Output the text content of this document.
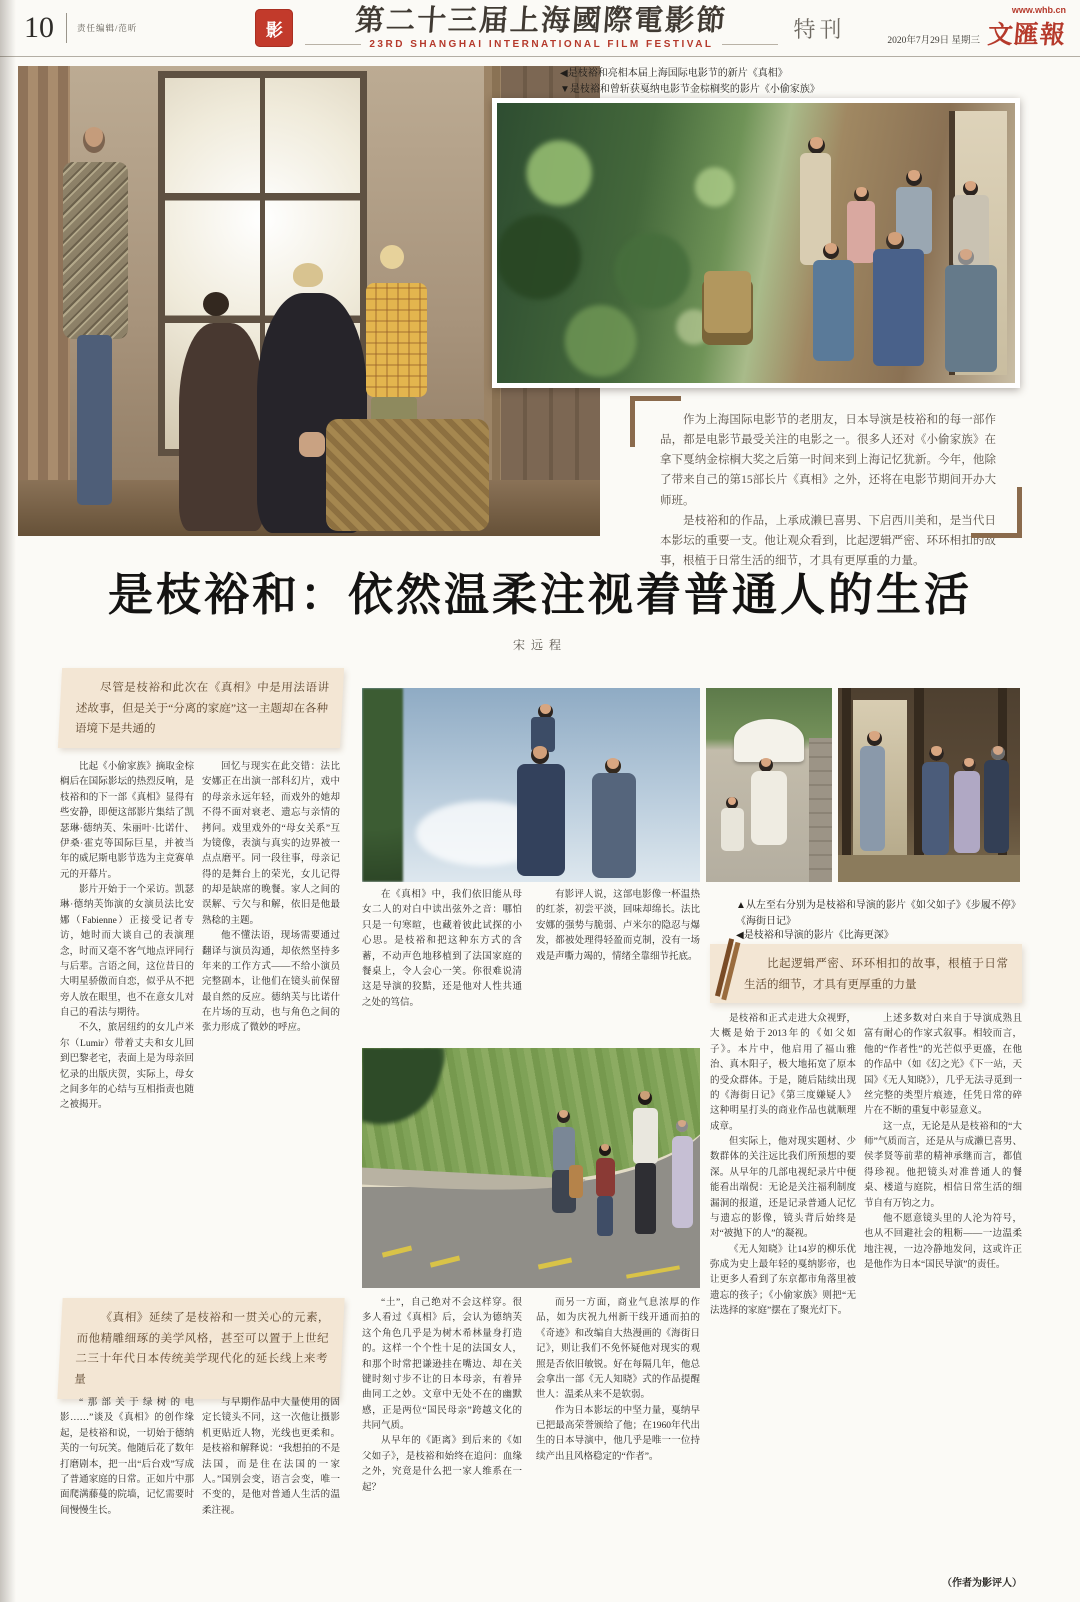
10	责任编辑/范昕	影	第二十三届上海國際電影節
23RD SHANGHAI INTERNATIONAL FILM FESTIVAL
特刊
www.whb.cn
2020年7月29日 星期三 文匯報
◀是枝裕和亮相本届上海国际电影节的新片《真相》
▼是枝裕和曾斩获戛纳电影节金棕榈奖的影片《小偷家族》

作为上海国际电影节的老朋友，日本导演是枝裕和的每一部作品，都是电影节最受关注的电影之一。很多人还对《小偷家族》在拿下戛纳金棕榈大奖之后第一时间来到上海记忆犹新。今年，他除了带来自己的第15部长片《真相》之外，还将在电影节期间开办大师班。

是枝裕和的作品，上承成濑巳喜男、下启西川美和，是当代日本影坛的重要一支。他让观众看到，比起逻辑严密、环环相扣的故事，根植于日常生活的细节，才具有更厚重的力量。

是枝裕和：依然温柔注视着普通人的生活
宋远程

尽管是枝裕和此次在《真相》中是用法语讲述故事，但是关于“分离的家庭”这一主题却在各种语境下是共通的

比起《小偷家族》摘取金棕榈后在国际影坛的热烈反响，是枝裕和的下一部《真相》显得有些安静，即便这部影片集结了凯瑟琳·德纳芙、朱丽叶·比诺什、伊桑·霍克等国际巨星，并被当年的威尼斯电影节选为主竞赛单元的开幕片。

影片开始于一个采访。凯瑟琳·德纳芙饰演的女演员法比安娜（Fabienne）正接受记者专访，她时而大谈自己的表演理念，时而又毫不客气地点评同行与后辈。言语之间，这位昔日的大明星骄傲而自恋，似乎从不把旁人放在眼里，也不在意女儿对自己的看法与期待。

不久，旅居纽约的女儿卢米尔（Lumir）带着丈夫和女儿回到巴黎老宅，表面上是为母亲回忆录的出版庆贺，实际上，母女之间多年的心结与互相指责也随之被揭开。

回忆与现实在此交错：法比安娜正在出演一部科幻片，戏中的母亲永远年轻，而戏外的她却不得不面对衰老、遗忘与亲情的拷问。戏里戏外的“母女关系”互为镜像，表演与真实的边界被一点点磨平。同一段往事，母亲记得的是舞台上的荣光，女儿记得的却是缺席的晚餐。家人之间的误解、亏欠与和解，依旧是他最熟稔的主题。

他不懂法语，现场需要通过翻译与演员沟通，却依然坚持多年来的工作方式——不给小演员完整剧本，让他们在镜头前保留最自然的反应。德纳芙与比诺什在片场的互动，也与角色之间的张力形成了微妙的呼应。

《真相》延续了是枝裕和一贯关心的元素，而他精雕细琢的美学风格，甚至可以置于上世纪二三十年代日本传统美学现代化的延长线上来考量

“那部关于绿树的电影……”谈及《真相》的创作缘起，是枝裕和说，一切始于德纳芙的一句玩笑。他随后花了数年打磨剧本，把一出“后台戏”写成了普通家庭的日常。正如片中那面爬满藤蔓的院墙，记忆需要时间慢慢生长。

与早期作品中大量使用的固定长镜头不同，这一次他让摄影机更贴近人物，光线也更柔和。是枝裕和解释说：“我想拍的不是法国，而是住在法国的一家人。”国别会变，语言会变，唯一不变的，是他对普通人生活的温柔注视。

▲从左至右分别为是枝裕和导演的影片《如父如子》《步履不停》《海街日记》
◀是枝裕和导演的影片《比海更深》

比起逻辑严密、环环相扣的故事，根植于日常生活的细节，才具有更厚重的力量

在《真相》中，我们依旧能从母女二人的对白中读出弦外之音：哪怕只是一句寒暄，也藏着彼此试探的小心思。是枝裕和把这种东方式的含蓄，不动声色地移植到了法国家庭的餐桌上，令人会心一笑。你很难说清这是导演的狡黠，还是他对人性共通之处的笃信。

有影评人说，这部电影像一杯温热的红茶，初尝平淡，回味却绵长。法比安娜的强势与脆弱、卢米尔的隐忍与爆发，都被处理得轻盈而克制，没有一场戏是声嘶力竭的，情绪全靠细节托底。

“土”，自己绝对不会这样穿。很多人看过《真相》后，会认为德纳芙这个角色几乎是为树木希林量身打造的。这样一个个性十足的法国女人，和那个时常把谦逊挂在嘴边、却在关键时刻寸步不让的日本母亲，有着异曲同工之妙。文章中无处不在的幽默感，正是两位“国民母亲”跨越文化的共同气质。

从早年的《距离》到后来的《如父如子》，是枝裕和始终在追问：血缘之外，究竟是什么把一家人维系在一起？

而另一方面，商业气息浓厚的作品，如为庆祝九州新干线开通而拍的《奇迹》和改编自大热漫画的《海街日记》，则让我们不免怀疑他对现实的观照是否依旧敏锐。好在每隔几年，他总会拿出一部《无人知晓》式的作品提醒世人：温柔从来不是软弱。

作为日本影坛的中坚力量，戛纳早已把最高荣誉颁给了他；在1960年代出生的日本导演中，他几乎是唯一一位持续产出且风格稳定的“作者”。

是枝裕和正式走进大众视野，大概是始于2013年的《如父如子》。本片中，他启用了福山雅治、真木阳子，极大地拓宽了原本的受众群体。于是，随后陆续出现的《海街日记》《第三度嫌疑人》这种明星打头的商业作品也就顺理成章。

但实际上，他对现实题材、少数群体的关注远比我们所预想的要深。从早年的几部电视纪录片中便能看出端倪：无论是关注福利制度漏洞的报道，还是记录普通人记忆与遗忘的影像，镜头背后始终是对“被抛下的人”的凝视。

《无人知晓》让14岁的柳乐优弥成为史上最年轻的戛纳影帝，也让更多人看到了东京都市角落里被遗忘的孩子；《小偷家族》则把“无法选择的家庭”摆在了聚光灯下。

上述多数对白来自于导演成熟且富有耐心的作家式叙事。相较而言，他的“作者性”的光芒似乎更盛，在他的作品中（如《幻之光》《下一站，天国》《无人知晓》），几乎无法寻觅到一丝完整的类型片痕迹，任凭日常的碎片在不断的重复中彰显意义。

这一点，无论是从是枝裕和的“大师”气质而言，还是从与成濑巳喜男、侯孝贤等前辈的精神承继而言，都值得珍视。他把镜头对准普通人的餐桌、楼道与庭院，相信日常生活的细节自有万钧之力。

他不愿意镜头里的人沦为符号，也从不回避社会的粗粝——一边温柔地注视，一边冷静地发问，这或许正是他作为日本“国民导演”的责任。

（作者为影评人）
